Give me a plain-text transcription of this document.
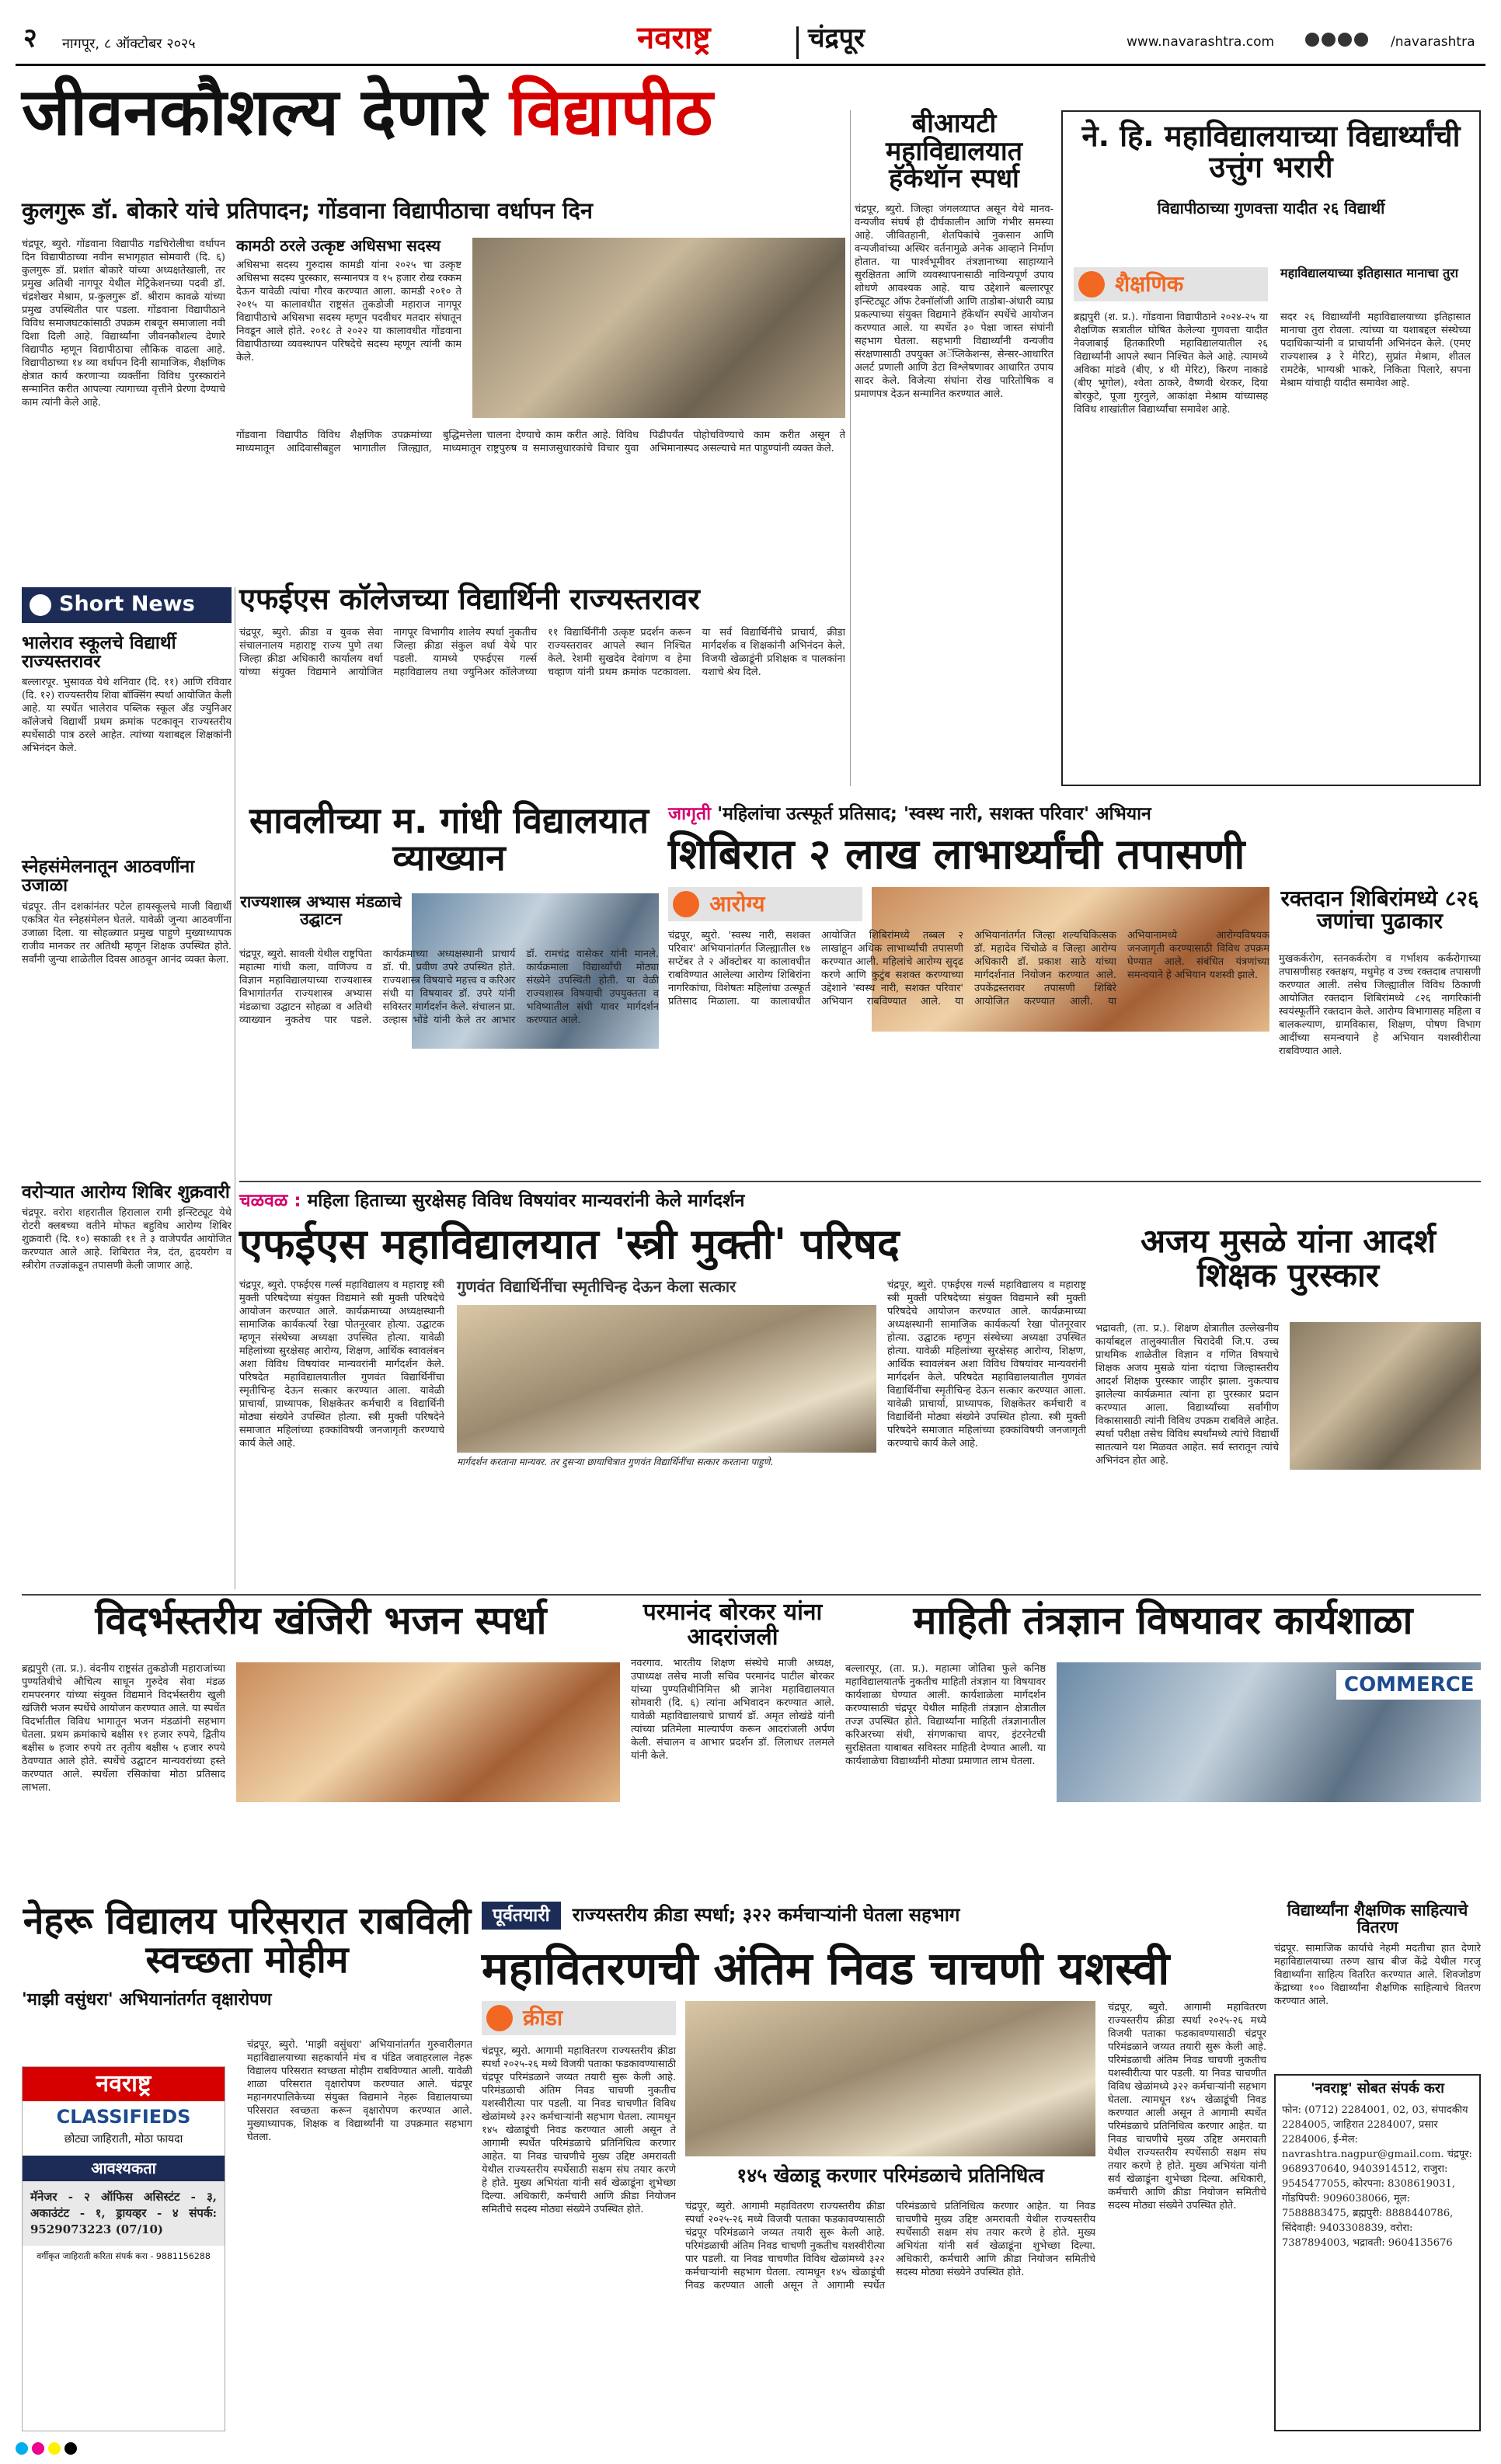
२ नागपूर, ८ ऑक्टोबर २०२५	नवराष्ट्र	चंद्रपूर	www.navarashtra.com	/navarashtra
जीवनकौशल्य देणारे विद्यापीठ
कुलगुरू डॉ. बोकारे यांचे प्रतिपादन; गोंडवाना विद्यापीठाचा वर्धापन दिन
चंद्रपूर, ब्युरो. गोंडवाना विद्यापीठ गडचिरोलीचा वर्धापन दिन विद्यापीठाच्या नवीन सभागृहात सोमवारी (दि. ६) कुलगुरू डॉ. प्रशांत बोकारे यांच्या अध्यक्षतेखाली, तर प्रमुख अतिथी नागपूर येथील मेट्रिकेशनच्या पदवी डॉ. चंद्रशेखर मेश्राम, प्र-कुलगुरू डॉ. श्रीराम कावळे यांच्या प्रमुख उपस्थितीत पार पडला. गोंडवाना विद्यापीठाने विविध समाजघटकांसाठी उपक्रम राबवून समाजाला नवी दिशा दिली आहे. विद्यार्थ्यांना जीवनकौशल्य देणारे विद्यापीठ म्हणून विद्यापीठाचा लौकिक वाढला आहे. विद्यापीठाच्या १४ व्या वर्धापन दिनी सामाजिक, शैक्षणिक क्षेत्रात कार्य करणाऱ्या व्यक्तींना विविध पुरस्कारांने सन्मानित करीत आपल्या त्यागाच्या वृत्तीने प्रेरणा देण्याचे काम त्यांनी केले आहे.
कामठी ठरले उत्कृष्ट अधिसभा सदस्य
अधिसभा सदस्य गुरुदास कामडी यांना २०२५ चा उत्कृष्ट अधिसभा सदस्य पुरस्कार, सन्मानपत्र व १५ हजार रोख रक्कम देऊन यावेळी त्यांचा गौरव करण्यात आला. कामडी २०१० ते २०१५ या कालावधीत राष्ट्रसंत तुकडोजी महाराज नागपूर विद्यापीठाचे अधिसभा सदस्य म्हणून पदवीधर मतदार संघातून निवडून आले होते. २०१८ ते २०२२ या कालावधीत गोंडवाना विद्यापीठाच्या व्यवस्थापन परिषदेचे सदस्य म्हणून त्यांनी काम केले.
गोंडवाना विद्यापीठ विविध शैक्षणिक उपक्रमांच्या माध्यमातून आदिवासीबहुल भागातील जिल्ह्यात, बुद्धिमत्तेला चालना देण्याचे काम करीत आहे. विविध माध्यमातून राष्ट्रपुरुष व समाजसुधारकांचे विचार युवा पिढीपर्यंत पोहोचविण्याचे काम करीत असून ते अभिमानास्पद असल्याचे मत पाहुण्यांनी व्यक्त केले.
बीआयटी महाविद्यालयात हॅकेथॉन स्पर्धा
चंद्रपूर, ब्युरो. जिल्हा जंगलव्याप्त असून येथे मानव-वन्यजीव संघर्ष ही दीर्घकालीन आणि गंभीर समस्या आहे. जीवितहानी, शेतपिकांचे नुकसान आणि वन्यजीवांच्या अस्थिर वर्तनामुळे अनेक आव्हाने निर्माण होतात. या पार्श्वभूमीवर तंत्रज्ञानाच्या साहाय्याने सुरक्षितता आणि व्यवस्थापनासाठी नाविन्यपूर्ण उपाय शोधणे आवश्यक आहे. याच उद्देशाने बल्लारपूर इन्स्टिट्यूट ऑफ टेक्नॉलॉजी आणि ताडोबा-अंधारी व्याघ्र प्रकल्पाच्या संयुक्त विद्यमाने हॅकेथॉन स्पर्धेचे आयोजन करण्यात आले. या स्पर्धेत ३० पेक्षा जास्त संघांनी सहभाग घेतला. सहभागी विद्यार्थ्यांनी वन्यजीव संरक्षणासाठी उपयुक्त अॅप्लिकेशन्स, सेन्सर-आधारित अलर्ट प्रणाली आणि डेटा विश्लेषणावर आधारित उपाय सादर केले. विजेत्या संघांना रोख पारितोषिक व प्रमाणपत्र देऊन सन्मानित करण्यात आले.
ने. हि. महाविद्यालयाच्या विद्यार्थ्यांची उत्तुंग भरारी
विद्यापीठाच्या गुणवत्ता यादीत २६ विद्यार्थी
शैक्षणिक	महाविद्यालयाच्या इतिहासात मानाचा तुरा
ब्रह्मपुरी (श. प्र.). गोंडवाना विद्यापीठाने २०२४-२५ या शैक्षणिक सत्रातील घोषित केलेल्या गुणवत्ता यादीत नेवजाबाई हितकारिणी महाविद्यालयातील २६ विद्यार्थ्यांनी आपले स्थान निश्चित केले आहे. त्यामध्ये अविका मांडवे (बीए, ४ थी मेरिट), किरण नाकाडे (बीए भूगोल), श्वेता ठाकरे, वैष्णवी थेरकर, दिया बोरकुटे, पूजा गुरनुले, आकांक्षा मेश्राम यांच्यासह विविध शाखांतील विद्यार्थ्यांचा समावेश आहे.
सदर २६ विद्यार्थ्यांनी महाविद्यालयाच्या इतिहासात मानाचा तुरा रोवला. त्यांच्या या यशाबद्दल संस्थेच्या पदाधिकाऱ्यांनी व प्राचार्यांनी अभिनंदन केले. (एमए राज्यशास्त्र ३ रे मेरिट), सुप्रांत मेश्राम, शीतल रामटेके, भाग्यश्री भाकरे, निकिता पिलारे, सपना मेश्राम यांचाही यादीत समावेश आहे.
Short News
भालेराव स्कूलचे विद्यार्थी राज्यस्तरावर
बल्लारपूर. भुसावळ येथे शनिवार (दि. ११) आणि रविवार (दि. १२) राज्यस्तरीय शिवा बॉक्सिंग स्पर्धा आयोजित केली आहे. या स्पर्धेत भालेराव पब्लिक स्कूल अँड ज्युनिअर कॉलेजचे विद्यार्थी प्रथम क्रमांक पटकावून राज्यस्तरीय स्पर्धेसाठी पात्र ठरले आहेत. त्यांच्या यशाबद्दल शिक्षकांनी अभिनंदन केले.
स्नेहसंमेलनातून आठवणींना उजाळा
चंद्रपूर. तीन दशकांनंतर पटेल हायस्कूलचे माजी विद्यार्थी एकत्रित येत स्नेहसंमेलन घेतले. यावेळी जुन्या आठवणींना उजाळा दिला. या सोहळ्यात प्रमुख पाहुणे मुख्याध्यापक राजीव मानकर तर अतिथी म्हणून शिक्षक उपस्थित होते. सर्वांनी जुन्या शाळेतील दिवस आठवून आनंद व्यक्त केला.
वरोऱ्यात आरोग्य शिबिर शुक्रवारी
चंद्रपूर. वरोरा शहरातील हिरालाल रामी इन्स्टिट्यूट येथे रोटरी क्लबच्या वतीने मोफत बहुविध आरोग्य शिबिर शुक्रवारी (दि. १०) सकाळी ११ ते ३ वाजेपर्यंत आयोजित करण्यात आले आहे. शिबिरात नेत्र, दंत, हृदयरोग व स्त्रीरोग तज्ज्ञांकडून तपासणी केली जाणार आहे.
एफईएस कॉलेजच्या विद्यार्थिनी राज्यस्तरावर
चंद्रपूर, ब्युरो. क्रीडा व युवक सेवा संचालनालय महाराष्ट्र राज्य पुणे तथा जिल्हा क्रीडा अधिकारी कार्यालय वर्धा यांच्या संयुक्त विद्यमाने आयोजित नागपूर विभागीय शालेय स्पर्धा नुकतीच जिल्हा क्रीडा संकुल वर्धा येथे पार पडली. यामध्ये एफईएस गर्ल्स महाविद्यालय तथा ज्युनिअर कॉलेजच्या ११ विद्यार्थिनींनी उत्कृष्ट प्रदर्शन करून राज्यस्तरावर आपले स्थान निश्चित केले. रेशमी सुखदेव देवांगण व हेमा चव्हाण यांनी प्रथम क्रमांक पटकावला. या सर्व विद्यार्थिनींचे प्राचार्य, क्रीडा मार्गदर्शक व शिक्षकांनी अभिनंदन केले. विजयी खेळाडूंनी प्रशिक्षक व पालकांना यशाचे श्रेय दिले.
सावलीच्या म. गांधी विद्यालयात व्याख्यान
राज्यशास्त्र अभ्यास मंडळाचे उद्घाटन
चंद्रपूर, ब्युरो. सावली येथील राष्ट्रपिता महात्मा गांधी कला, वाणिज्य व विज्ञान महाविद्यालयाच्या राज्यशास्त्र विभागांतर्गत राज्यशास्त्र अभ्यास मंडळाचा उद्घाटन सोहळा व अतिथी व्याख्यान नुकतेच पार पडले. कार्यक्रमाच्या अध्यक्षस्थानी प्राचार्य डॉ. पी. प्रवीण उपरे उपस्थित होते. राज्यशास्त्र विषयाचे महत्त्व व करिअर संधी या विषयावर डॉ. उपरे यांनी सविस्तर मार्गदर्शन केले. संचालन प्रा. उल्हास भोंडे यांनी केले तर आभार डॉ. रामचंद्र वासेकर यांनी मानले. कार्यक्रमाला विद्यार्थ्यांची मोठ्या संख्येने उपस्थिती होती. या वेळी राज्यशास्त्र विषयाची उपयुक्तता व भविष्यातील संधी यावर मार्गदर्शन करण्यात आले.
जागृती 'महिलांचा उत्स्फूर्त प्रतिसाद; 'स्वस्थ नारी, सशक्त परिवार' अभियान
शिबिरात २ लाख लाभार्थ्यांची तपासणी
आरोग्य	रक्तदान शिबिरांमध्ये ८२६ जणांचा पुढाकार
मुखकर्करोग, स्तनकर्करोग व गर्भाशय कर्करोगाच्या तपासणीसह रक्तक्षय, मधुमेह व उच्च रक्तदाब तपासणी करण्यात आली. तसेच जिल्ह्यातील विविध ठिकाणी आयोजित रक्तदान शिबिरांमध्ये ८२६ नागरिकांनी स्वयंस्फूर्तीने रक्तदान केले. आरोग्य विभागासह महिला व बालकल्याण, ग्रामविकास, शिक्षण, पोषण विभाग आदींच्या समन्वयाने हे अभियान यशस्वीरीत्या राबविण्यात आले.
चंद्रपूर, ब्युरो. 'स्वस्थ नारी, सशक्त परिवार' अभियानांतर्गत जिल्ह्यातील १७ सप्टेंबर ते २ ऑक्टोबर या कालावधीत राबविण्यात आलेल्या आरोग्य शिबिरांना नागरिकांचा, विशेषतः महिलांचा उत्स्फूर्त प्रतिसाद मिळाला. या कालावधीत आयोजित शिबिरांमध्ये तब्बल २ लाखांहून अधिक लाभार्थ्यांची तपासणी करण्यात आली. महिलांचे आरोग्य सुदृढ करणे आणि कुटुंब सशक्त करण्याच्या उद्देशाने 'स्वस्थ नारी, सशक्त परिवार' अभियान राबविण्यात आले. या अभियानांतर्गत जिल्हा शल्यचिकित्सक डॉ. महादेव चिंचोळे व जिल्हा आरोग्य अधिकारी डॉ. प्रकाश साठे यांच्या मार्गदर्शनात नियोजन करण्यात आले. उपकेंद्रस्तरावर तपासणी शिबिरे आयोजित करण्यात आली. या अभियानामध्ये आरोग्यविषयक जनजागृती करण्यासाठी विविध उपक्रम घेण्यात आले. संबंधित यंत्रणांच्या समन्वयाने हे अभियान यशस्वी झाले.
चळवळ : महिला हिताच्या सुरक्षेसह विविध विषयांवर मान्यवरांनी केले मार्गदर्शन
एफईएस महाविद्यालयात 'स्त्री मुक्ती' परिषद
चंद्रपूर, ब्युरो. एफईएस गर्ल्स महाविद्यालय व महाराष्ट्र स्त्री मुक्ती परिषदेच्या संयुक्त विद्यमाने स्त्री मुक्ती परिषदेचे आयोजन करण्यात आले. कार्यक्रमाच्या अध्यक्षस्थानी सामाजिक कार्यकर्त्या रेखा पोतनूरवार होत्या. उद्घाटक म्हणून संस्थेच्या अध्यक्षा उपस्थित होत्या. यावेळी महिलांच्या सुरक्षेसह आरोग्य, शिक्षण, आर्थिक स्वावलंबन अशा विविध विषयांवर मान्यवरांनी मार्गदर्शन केले. परिषदेत महाविद्यालयातील गुणवंत विद्यार्थिनींचा स्मृतीचिन्ह देऊन सत्कार करण्यात आला. यावेळी प्राचार्या, प्राध्यापक, शिक्षकेतर कर्मचारी व विद्यार्थिनी मोठ्या संख्येने उपस्थित होत्या. स्त्री मुक्ती परिषदेने समाजात महिलांच्या हक्कांविषयी जनजागृती करण्याचे कार्य केले आहे.
गुणवंत विद्यार्थिनींचा स्मृतीचिन्ह देऊन केला सत्कार
मार्गदर्शन करताना मान्यवर. तर दुसऱ्या छायाचित्रात गुणवंत विद्यार्थिनींचा सत्कार करताना पाहुणे.
चंद्रपूर, ब्युरो. एफईएस गर्ल्स महाविद्यालय व महाराष्ट्र स्त्री मुक्ती परिषदेच्या संयुक्त विद्यमाने स्त्री मुक्ती परिषदेचे आयोजन करण्यात आले. कार्यक्रमाच्या अध्यक्षस्थानी सामाजिक कार्यकर्त्या रेखा पोतनूरवार होत्या. उद्घाटक म्हणून संस्थेच्या अध्यक्षा उपस्थित होत्या. यावेळी महिलांच्या सुरक्षेसह आरोग्य, शिक्षण, आर्थिक स्वावलंबन अशा विविध विषयांवर मान्यवरांनी मार्गदर्शन केले. परिषदेत महाविद्यालयातील गुणवंत विद्यार्थिनींचा स्मृतीचिन्ह देऊन सत्कार करण्यात आला. यावेळी प्राचार्या, प्राध्यापक, शिक्षकेतर कर्मचारी व विद्यार्थिनी मोठ्या संख्येने उपस्थित होत्या. स्त्री मुक्ती परिषदेने समाजात महिलांच्या हक्कांविषयी जनजागृती करण्याचे कार्य केले आहे.
अजय मुसळे यांना आदर्श शिक्षक पुरस्कार
भद्रावती, (ता. प्र.). शिक्षण क्षेत्रातील उल्लेखनीय कार्याबद्दल तालुक्यातील चिरादेवी जि.प. उच्च प्राथमिक शाळेतील विज्ञान व गणित विषयाचे शिक्षक अजय मुसळे यांना यंदाचा जिल्हास्तरीय आदर्श शिक्षक पुरस्कार जाहीर झाला. नुकत्याच झालेल्या कार्यक्रमात त्यांना हा पुरस्कार प्रदान करण्यात आला. विद्यार्थ्यांच्या सर्वांगीण विकासासाठी त्यांनी विविध उपक्रम राबविले आहेत. स्पर्धा परीक्षा तसेच विविध स्पर्धांमध्ये त्यांचे विद्यार्थी सातत्याने यश मिळवत आहेत. सर्व स्तरातून त्यांचे अभिनंदन होत आहे.
विदर्भस्तरीय खंजिरी भजन स्पर्धा
ब्रह्मपुरी (ता. प्र.). वंदनीय राष्ट्रसंत तुकडोजी महाराजांच्या पुण्यतिथीचे औचित्य साधून गुरुदेव सेवा मंडळ रामपरनगर यांच्या संयुक्त विद्यमाने विदर्भस्तरीय खुली खंजिरी भजन स्पर्धेचे आयोजन करण्यात आले. या स्पर्धेत विदर्भातील विविध भागातून भजन मंडळांनी सहभाग घेतला. प्रथम क्रमांकाचे बक्षीस ११ हजार रुपये, द्वितीय बक्षीस ७ हजार रुपये तर तृतीय बक्षीस ५ हजार रुपये ठेवण्यात आले होते. स्पर्धेचे उद्घाटन मान्यवरांच्या हस्ते करण्यात आले. स्पर्धेला रसिकांचा मोठा प्रतिसाद लाभला.
परमानंद बोरकर यांना आदरांजली
नवरगाव. भारतीय शिक्षण संस्थेचे माजी अध्यक्ष, उपाध्यक्ष तसेच माजी सचिव परमानंद पाटील बोरकर यांच्या पुण्यतिथीनिमित्त श्री ज्ञानेश महाविद्यालयात सोमवारी (दि. ६) त्यांना अभिवादन करण्यात आले. यावेळी महाविद्यालयाचे प्राचार्य डॉ. अमृत लोखंडे यांनी त्यांच्या प्रतिमेला माल्यार्पण करून आदरांजली अर्पण केली. संचालन व आभार प्रदर्शन डॉ. लिलाधर तलमले यांनी केले.
माहिती तंत्रज्ञान विषयावर कार्यशाळा
बल्लारपूर, (ता. प्र.). महात्मा जोतिबा फुले कनिष्ठ महाविद्यालयातर्फे नुकतीच माहिती तंत्रज्ञान या विषयावर कार्यशाळा घेण्यात आली. कार्यशाळेला मार्गदर्शन करण्यासाठी चंद्रपूर येथील माहिती तंत्रज्ञान क्षेत्रातील तज्ज्ञ उपस्थित होते. विद्यार्थ्यांना माहिती तंत्रज्ञानातील करिअरच्या संधी, संगणकाचा वापर, इंटरनेटची सुरक्षितता याबाबत सविस्तर माहिती देण्यात आली. या कार्यशाळेचा विद्यार्थ्यांनी मोठ्या प्रमाणात लाभ घेतला.
COMMERCE
नेहरू विद्यालय परिसरात राबविली स्वच्छता मोहीम
'माझी वसुंधरा' अभियानांतर्गत वृक्षारोपण
चंद्रपूर, ब्युरो. 'माझी वसुंधरा' अभियानांतर्गत गुरुवारीलगत महाविद्यालयाच्या सहकार्याने मंच व पंडित जवाहरलाल नेहरू विद्यालय परिसरात स्वच्छता मोहीम राबविण्यात आली. यावेळी शाळा परिसरात वृक्षारोपण करण्यात आले. चंद्रपूर महानगरपालिकेच्या संयुक्त विद्यमाने नेहरू विद्यालयाच्या परिसरात स्वच्छता करून वृक्षारोपण करण्यात आले. मुख्याध्यापक, शिक्षक व विद्यार्थ्यांनी या उपक्रमात सहभाग घेतला.
नवराष्ट्र
CLASSIFIEDS
छोट्या जाहिराती, मोठा फायदा
आवश्यकता
मॅनेजर - २ ऑफिस असिस्टंट - ३, अकाउंटंट - १, ड्रायव्हर - ४ संपर्क: 9529073223 (07/10)
वर्गीकृत जाहिराती करिता संपर्क करा - 9881156288
पूर्वतयारी राज्यस्तरीय क्रीडा स्पर्धा; ३२२ कर्मचाऱ्यांनी घेतला सहभाग
महावितरणची अंतिम निवड चाचणी यशस्वी
क्रीडा
१४५ खेळाडू करणार परिमंडळाचे प्रतिनिधित्व
चंद्रपूर, ब्युरो. आगामी महावितरण राज्यस्तरीय क्रीडा स्पर्धा २०२५-२६ मध्ये विजयी पताका फडकावण्यासाठी चंद्रपूर परिमंडळाने जय्यत तयारी सुरू केली आहे. परिमंडळाची अंतिम निवड चाचणी नुकतीच यशस्वीरीत्या पार पडली. या निवड चाचणीत विविध खेळांमध्ये ३२२ कर्मचाऱ्यांनी सहभाग घेतला. त्यामधून १४५ खेळाडूंची निवड करण्यात आली असून ते आगामी स्पर्धेत परिमंडळाचे प्रतिनिधित्व करणार आहेत. या निवड चाचणीचे मुख्य उद्दिष्ट अमरावती येथील राज्यस्तरीय स्पर्धेसाठी सक्षम संघ तयार करणे हे होते. मुख्य अभियंता यांनी सर्व खेळाडूंना शुभेच्छा दिल्या. अधिकारी, कर्मचारी आणि क्रीडा नियोजन समितीचे सदस्य मोठ्या संख्येने उपस्थित होते.	चंद्रपूर, ब्युरो. आगामी महावितरण राज्यस्तरीय क्रीडा स्पर्धा २०२५-२६ मध्ये विजयी पताका फडकावण्यासाठी चंद्रपूर परिमंडळाने जय्यत तयारी सुरू केली आहे. परिमंडळाची अंतिम निवड चाचणी नुकतीच यशस्वीरीत्या पार पडली. या निवड चाचणीत विविध खेळांमध्ये ३२२ कर्मचाऱ्यांनी सहभाग घेतला. त्यामधून १४५ खेळाडूंची निवड करण्यात आली असून ते आगामी स्पर्धेत परिमंडळाचे प्रतिनिधित्व करणार आहेत. या निवड चाचणीचे मुख्य उद्दिष्ट अमरावती येथील राज्यस्तरीय स्पर्धेसाठी सक्षम संघ तयार करणे हे होते. मुख्य अभियंता यांनी सर्व खेळाडूंना शुभेच्छा दिल्या. अधिकारी, कर्मचारी आणि क्रीडा नियोजन समितीचे सदस्य मोठ्या संख्येने उपस्थित होते.
चंद्रपूर, ब्युरो. आगामी महावितरण राज्यस्तरीय क्रीडा स्पर्धा २०२५-२६ मध्ये विजयी पताका फडकावण्यासाठी चंद्रपूर परिमंडळाने जय्यत तयारी सुरू केली आहे. परिमंडळाची अंतिम निवड चाचणी नुकतीच यशस्वीरीत्या पार पडली. या निवड चाचणीत विविध खेळांमध्ये ३२२ कर्मचाऱ्यांनी सहभाग घेतला. त्यामधून १४५ खेळाडूंची निवड करण्यात आली असून ते आगामी स्पर्धेत परिमंडळाचे प्रतिनिधित्व करणार आहेत. या निवड चाचणीचे मुख्य उद्दिष्ट अमरावती येथील राज्यस्तरीय स्पर्धेसाठी सक्षम संघ तयार करणे हे होते. मुख्य अभियंता यांनी सर्व खेळाडूंना शुभेच्छा दिल्या. अधिकारी, कर्मचारी आणि क्रीडा नियोजन समितीचे सदस्य मोठ्या संख्येने उपस्थित होते.
विद्यार्थ्यांना शैक्षणिक साहित्याचे वितरण
चंद्रपूर. सामाजिक कार्याचे नेहमी मदतीचा हात देणारे महाविद्यालयाच्या तरुण खाच बीज केंद्रे येथील गरजू विद्यार्थ्यांना साहित्य वितरित करण्यात आले. शिवजोडण केंद्राच्या १०० विद्यार्थ्यांना शैक्षणिक साहित्याचे वितरण करण्यात आले.
'नवराष्ट्र' सोबत संपर्क करा
फोन: (0712) 2284001, 02, 03, संपादकीय 2284005, जाहिरात 2284007, प्रसार 2284006, ई-मेल: navrashtra.nagpur@gmail.com. चंद्रपूर: 9689370640, 9403914512, राजुरा: 9545477055, कोरपना: 8308619031, गोंडपिपरी: 9096038066, मूल: 7588883475, ब्रह्मपुरी: 8888440786, सिंदेवाही: 9403308839, वरोरा: 7387894003, भद्रावती: 9604135676
